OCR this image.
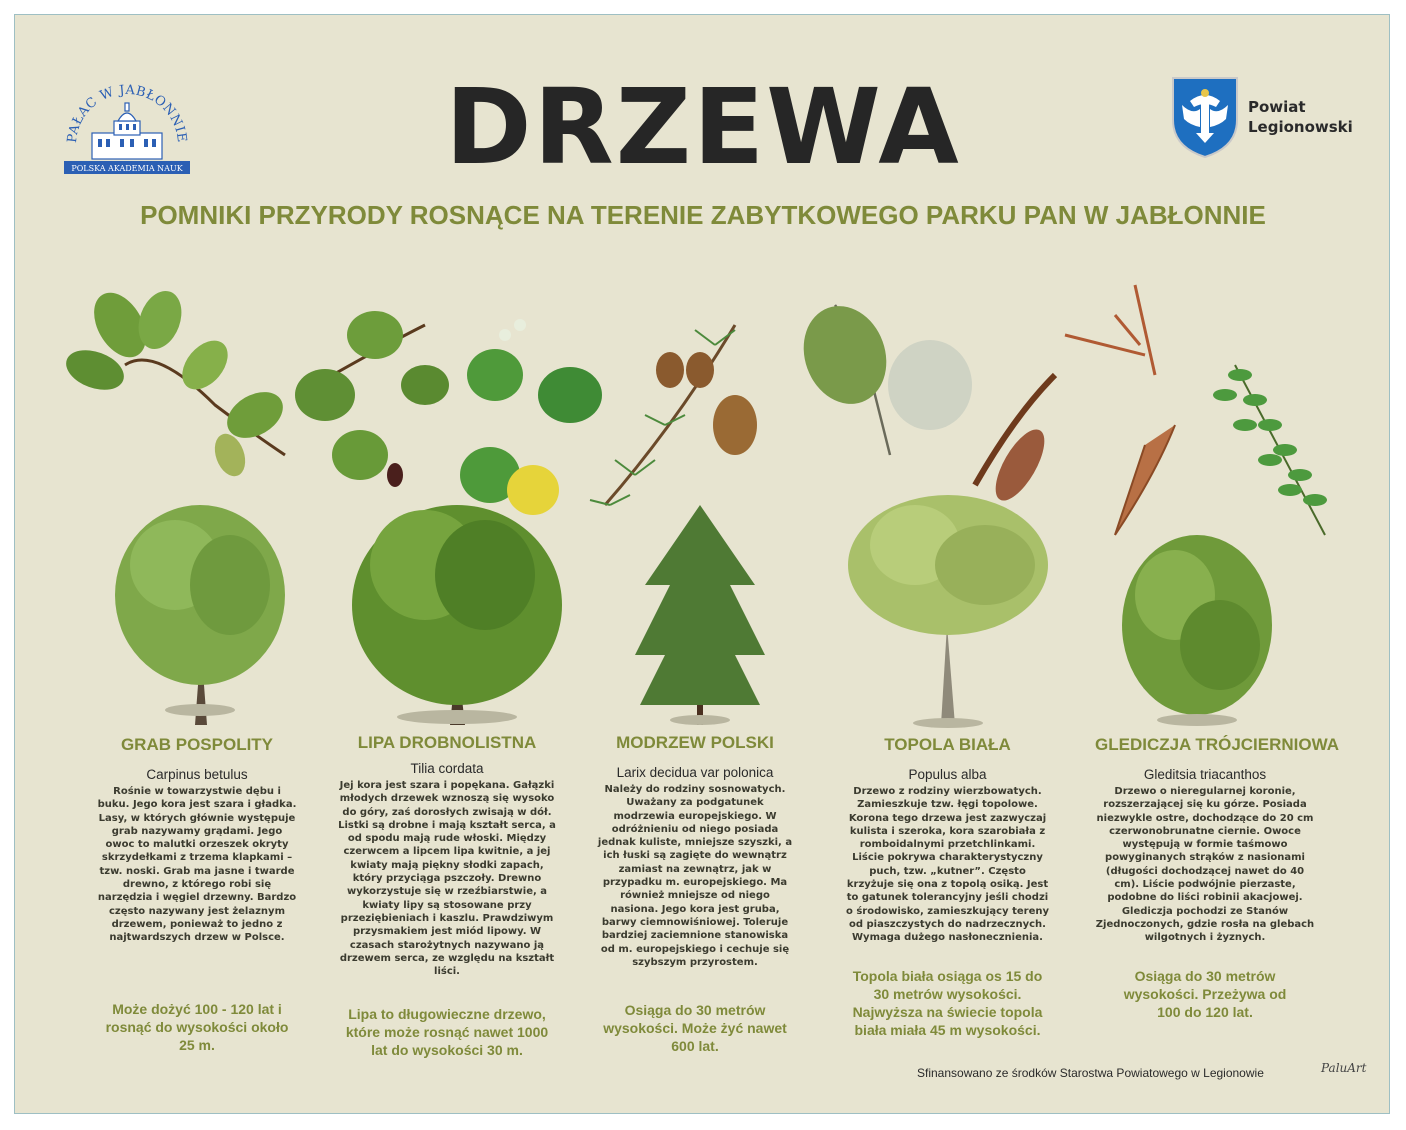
PAŁAC W JABŁONNIE
POLSKA AKADEMIA NAUK	DRZEWA
POMNIKI PRZYRODY ROSNĄCE NA TERENIE ZABYTKOWEGO PARKU PAN W JABŁONNIE
Powiat
Legionowski
GRAB POSPOLITY
Carpinus betulus
Rośnie w towarzystwie dębu i buku. Jego kora jest szara i gładka. Lasy, w których głównie występuje grab nazywamy grądami. Jego owoc to malutki orzeszek okryty skrzydełkami z trzema klapkami – tzw. noski. Grab ma jasne i twarde drewno, z którego robi się narzędzia i węgiel drzewny. Bardzo często nazywany jest żelaznym drzewem, ponieważ to jedno z najtwardszych drzew w Polsce.
Może dożyć 100 - 120 lat i rosnąć do wysokości około 25 m.
LIPA DROBNOLISTNA
Tilia cordata
Jej kora jest szara i popękana. Gałązki młodych drzewek wznoszą się wysoko do góry, zaś dorosłych zwisają w dół. Listki są drobne i mają kształt serca, a od spodu mają rude włoski. Między czerwcem a lipcem lipa kwitnie, a jej kwiaty mają piękny słodki zapach, który przyciąga pszczoły. Drewno wykorzystuje się w rzeźbiarstwie, a kwiaty lipy są stosowane przy przeziębieniach i kaszlu. Prawdziwym przysmakiem jest miód lipowy. W czasach starożytnych nazywano ją drzewem serca, ze względu na kształt liści.
Lipa to długowieczne drzewo, które może rosnąć nawet 1000 lat do wysokości 30 m.
MODRZEW POLSKI
Larix decidua var polonica
Należy do rodziny sosnowatych. Uważany za podgatunek modrzewia europejskiego. W odróżnieniu od niego posiada jednak kuliste, mniejsze szyszki, a ich łuski są zagięte do wewnątrz zamiast na zewnątrz, jak w przypadku m. europejskiego. Ma również mniejsze od niego nasiona. Jego kora jest gruba, barwy ciemnowiśniowej. Toleruje bardziej zaciemnione stanowiska od m. europejskiego i cechuje się szybszym przyrostem.
Osiąga do 30 metrów wysokości. Może żyć nawet 600 lat.
TOPOLA BIAŁA
Populus alba
Drzewo z rodziny wierzbowatych. Zamieszkuje tzw. łęgi topolowe. Korona tego drzewa jest zazwyczaj kulista i szeroka, kora szarobiała z romboidalnymi przetchlinkami. Liście pokrywa charakterystyczny puch, tzw. „kutner”. Często krzyżuje się ona z topolą osiką. Jest to gatunek tolerancyjny jeśli chodzi o środowisko, zamieszkujący tereny od piaszczystych do nadrzecznych. Wymaga dużego nasłonecznienia.
Topola biała osiąga os 15 do 30 metrów wysokości. Najwyższa na świecie topola biała miała 45 m wysokości.
GLEDICZJA TRÓJCIERNIOWA
Gleditsia triacanthos
Drzewo o nieregularnej koronie, rozszerzającej się ku górze. Posiada niezwykle ostre, dochodzące do 20 cm czerwonobrunatne ciernie. Owoce występują w formie taśmowo powyginanych strąków z nasionami (długości dochodzącej nawet do 40 cm). Liście podwójnie pierzaste, podobne do liści robinii akacjowej. Glediczja pochodzi ze Stanów Zjednoczonych, gdzie rosła na glebach wilgotnych i żyznych.
Osiąga do 30 metrów wysokości. Przeżywa od 100 do 120 lat.
Sfinansowano ze środków Starostwa Powiatowego w Legionowie	PaluArt
